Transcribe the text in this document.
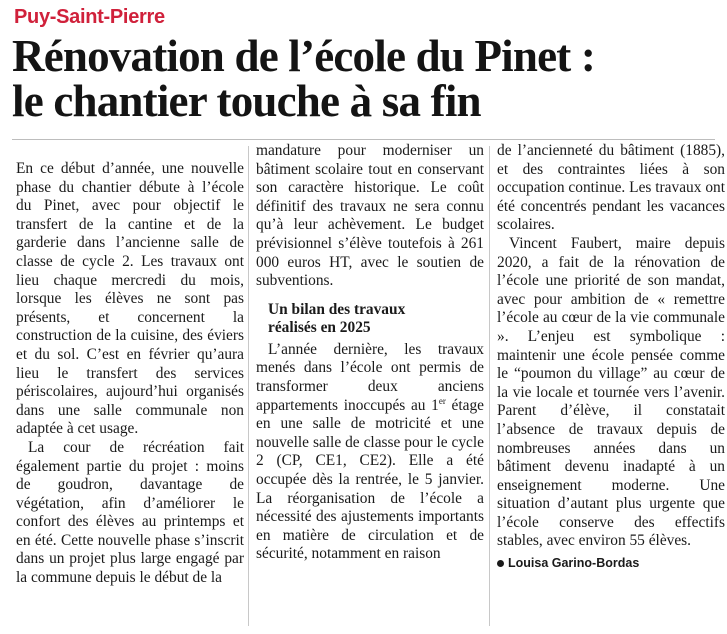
Puy-Saint-Pierre
Rénovation de l’école du Pinet :
le chantier touche à sa fin

En ce début d’année, une nouvelle phase du chantier débute à l’école du Pinet, avec pour objectif le transfert de la cantine et de la garderie dans l’ancienne salle de classe de cycle 2. Les travaux ont lieu chaque mercredi du mois, lorsque les élèves ne sont pas présents, et concernent la construction de la cuisine, des éviers et du sol. C’est en février qu’aura lieu le transfert des services périscolaires, aujourd’hui organisés dans une salle communale non adaptée à cet usage.

La cour de récréation fait également partie du projet : moins de goudron, davantage de végétation, afin d’améliorer le confort des élèves au printemps et en été. Cette nouvelle phase s’inscrit dans un projet plus large engagé par la commune depuis le début de la

mandature pour moderniser un bâtiment scolaire tout en conservant son caractère historique. Le coût définitif des travaux ne sera connu qu’à leur achèvement. Le budget prévisionnel s’élève toutefois à 261 000 euros HT, avec le soutien de subventions.

Un bilan des travaux
réalisés en 2025

L’année dernière, les travaux menés dans l’école ont permis de transformer deux anciens appartements inoccupés au 1er étage en une salle de motricité et une nouvelle salle de classe pour le cycle 2 (CP, CE1, CE2). Elle a été occupée dès la rentrée, le 5 janvier. La réorganisation de l’école a nécessité des ajustements importants en matière de circulation et de sécurité, notamment en raison

de l’ancienneté du bâtiment (1885), et des contraintes liées à son occupation continue. Les travaux ont été concentrés pendant les vacances scolaires.

Vincent Faubert, maire depuis 2020, a fait de la rénovation de l’école une priorité de son mandat, avec pour ambition de « remettre l’école au cœur de la vie communale ». L’enjeu est symbolique : maintenir une école pensée comme le “poumon du village” au cœur de la vie locale et tournée vers l’avenir. Parent d’élève, il constatait l’absence de travaux depuis de nombreuses années dans un bâtiment devenu inadapté à un enseignement moderne. Une situation d’autant plus urgente que l’école conserve des effectifs stables, avec environ 55 élèves.

Louisa Garino-Bordas
